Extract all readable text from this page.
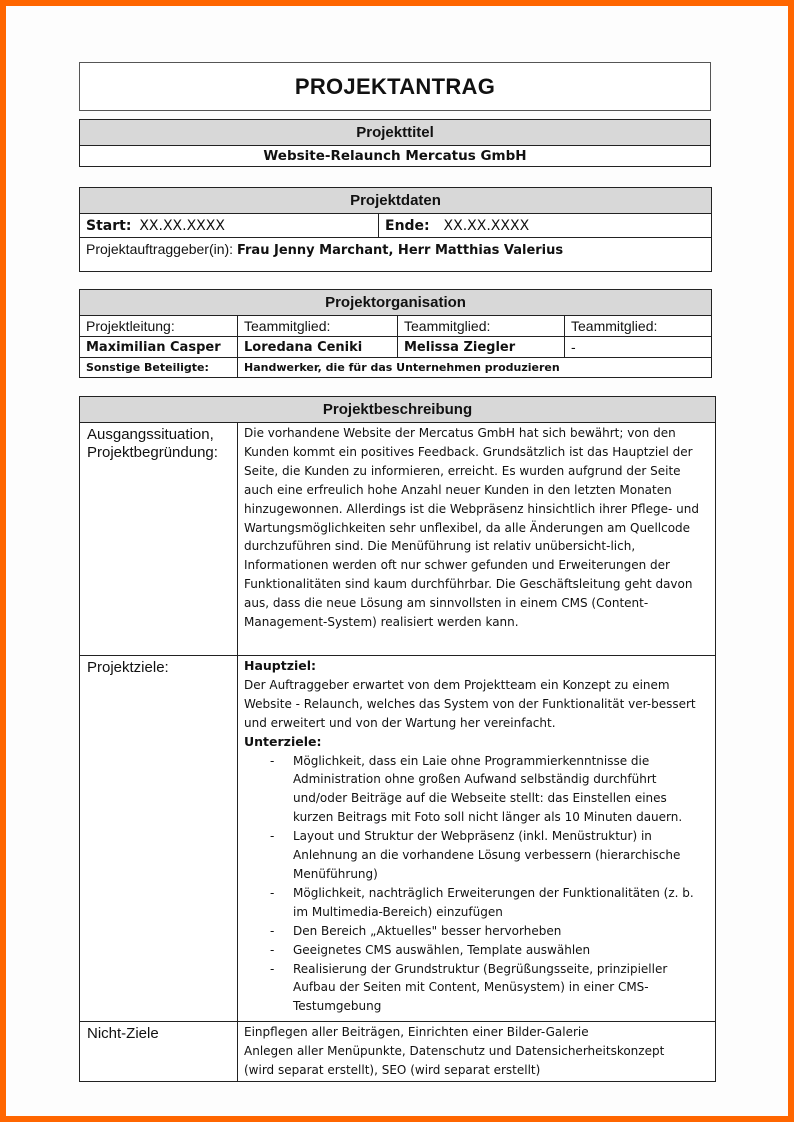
PROJEKTANTRAG
Projekttitel
Website-Relaunch Mercatus GmbH
Projektdaten
Start: XX.XX.XXXX	Ende: XX.XX.XXXX
Projektauftraggeber(in): Frau Jenny Marchant, Herr Matthias Valerius
Projektorganisation			
Projektleitung:	Teammitglied:	Teammitglied:	Teammitglied:
Maximilian Casper	Loredana Ceniki	Melissa Ziegler	-
Sonstige Beteiligte:	Handwerker, die für das Unternehmen produzieren		
Projektbeschreibung	

Ausgangssituation,
Projektbegründung:	Die vorhandene Website der Mercatus GmbH hat sich bewährt; von den Kunden kommt ein positives Feedback. Grundsätzlich ist das Hauptziel der Seite, die Kunden zu informieren, erreicht. Es wurden aufgrund der Seite auch eine erfreulich hohe Anzahl neuer Kunden in den letzten Monaten hinzugewonnen. Allerdings ist die Webpräsenz hinsichtlich ihrer Pflege- und Wartungsmöglichkeiten sehr unflexibel, da alle Änderungen am Quellcode durchzuführen sind. Die Menüführung ist relativ unübersicht-lich, Informationen werden oft nur schwer gefunden und Erweiterungen der Funktionalitäten sind kaum durchführbar. Die Geschäftsleitung geht davon aus, dass die neue Lösung am sinnvollsten in einem CMS (Content-Management-System) realisiert werden kann.
Projektziele:	Hauptziel:
Der Auftraggeber erwartet von dem Projektteam ein Konzept zu einem Website - Relaunch, welches das System von der Funktionalität ver-bessert und erweitert und von der Wartung her vereinfacht.
Unterziele:
- Möglichkeit, dass ein Laie ohne Programmierkenntnisse die Administration ohne großen Aufwand selbständig durchführt und/oder Beiträge auf die Webseite stellt: das Einstellen eines kurzen Beitrags mit Foto soll nicht länger als 10 Minuten dauern.
- Layout und Struktur der Webpräsenz (inkl. Menüstruktur) in Anlehnung an die vorhandene Lösung verbessern (hierarchische Menüführung)
- Möglichkeit, nachträglich Erweiterungen der Funktionalitäten (z. b. im Multimedia-Bereich) einzufügen
- Den Bereich „Aktuelles" besser hervorheben
- Geeignetes CMS auswählen, Template auswählen
- Realisierung der Grundstruktur (Begrüßungsseite, prinzipieller Aufbau der Seiten mit Content, Menüsystem) in einer CMS-Testumgebung

Nicht-Ziele	Einpflegen aller Beiträgen, Einrichten einer Bilder-Galerie
Anlegen aller Menüpunkte, Datenschutz und Datensicherheitskonzept
(wird separat erstellt), SEO (wird separat erstellt)
